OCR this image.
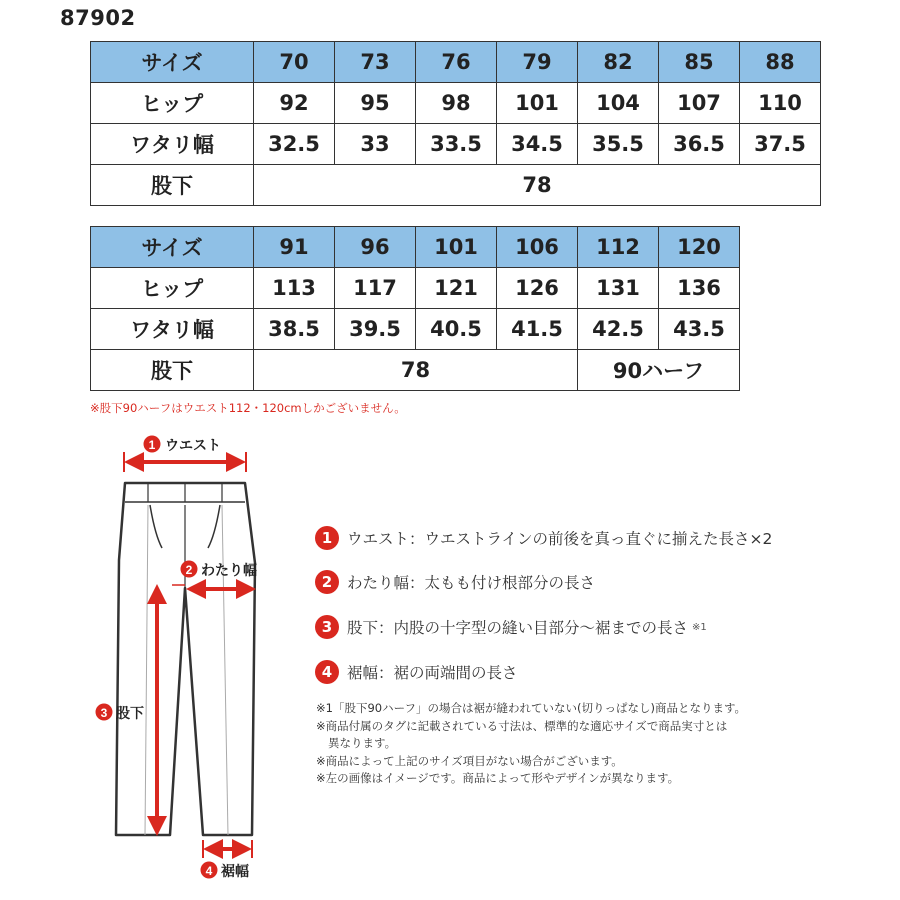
87902
サイズ	70	73	76	79	82	85	88
ヒップ	92	95	98	101	104	107	110
ワタリ幅	32.5	33	33.5	34.5	35.5	36.5	37.5
股下	78						
サイズ	91	96	101	106	112	120
ヒップ	113	117	121	126	131	136
ワタリ幅	38.5	39.5	40.5	41.5	42.5	43.5
股下	78				90ハーフ	
※股下90ハーフはウエスト112・120cmしかございません。
1 ウエスト
2 わたり幅
3 股下
4 裾幅
1 ウエスト：ウエストラインの前後を真っ直ぐに揃えた長さ×2
2 わたり幅：太もも付け根部分の長さ
3 股下：内股の十字型の縫い目部分～裾までの長さ ※1
4 裾幅：裾の両端間の長さ
※1「股下90ハーフ」の場合は裾が縫われていない(切りっぱなし)商品となります。
※商品付属のタグに記載されている寸法は、標準的な適応サイズで商品実寸とは
異なります。
※商品によって上記のサイズ項目がない場合がございます。
※左の画像はイメージです。商品によって形やデザインが異なります。
